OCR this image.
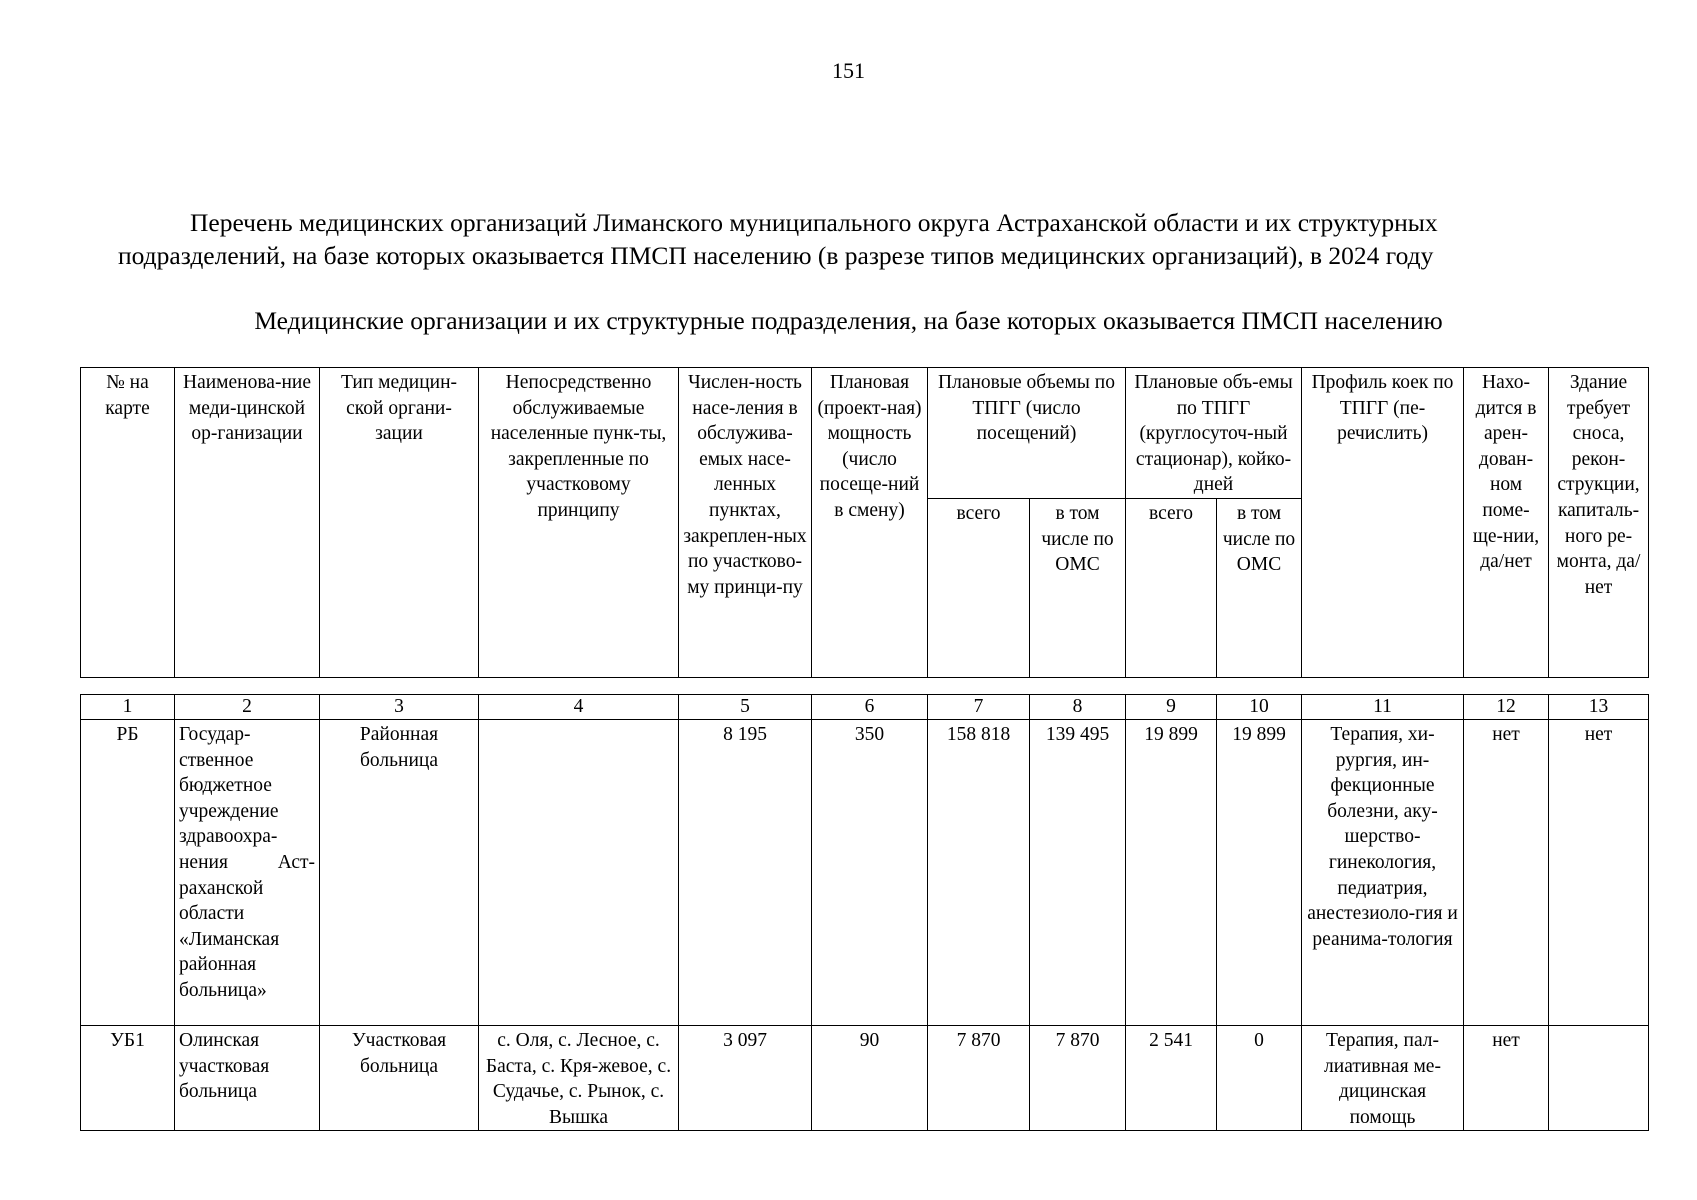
151
Перечень медицинских организаций Лиманского муниципального округа Астраханской области и их структурных
подразделений, на базе которых оказывается ПМСП населению (в разрезе типов медицинских организаций), в 2024 году
Медицинские организации и их структурные подразделения, на базе которых оказывается ПМСП населению
№ на карте	Наименова-ние меди-цинской ор-ганизации	Тип медицин-ской органи-зации	Непосредственно обслуживаемые населенные пунк-ты, закрепленные по участковому принципу	Числен-ность насе-ления в обслужива-емых насе-ленных пунктах, закреплен-ных по участково-му принци-пу	Плановая (проект-ная) мощность (число посеще-ний в смену)	Плановые объемы по ТПГГ (число посещений)		Плановые объ-емы по ТПГГ (круглосуточ-ный стационар), койко-дней		Профиль коек по ТПГГ (пе-речислить)	Нахо-дится в арен-дован-ном поме-ще-нии, да/нет	Здание требует сноса, рекон-струкции, капиталь-ного ре-монта, да/нет
						всего	в том числе по ОМС	всего	в том числе по ОМС			
1	2	3	4	5	6	7	8	9	10	11	12	13
РБ	Государ-ственное бюджетное учреждение здравоохра-нения Аст-раханской области «Лиманская районная больница»	Районная больница		8 195	350	158 818	139 495	19 899	19 899	Терапия, хи-рургия, ин-фекционные болезни, аку-шерство-гинекология, педиатрия, анестезиоло-гия и реанима-тология	нет	нет
УБ1	Олинская участковая больница	Участковая больница	с. Оля, с. Лесное, с. Баста, с. Кря-жевое, с. Судачье, с. Рынок, с. Вышка	3 097	90	7 870	7 870	2 541	0	Терапия, пал-лиативная ме-дицинская помощь	нет	
